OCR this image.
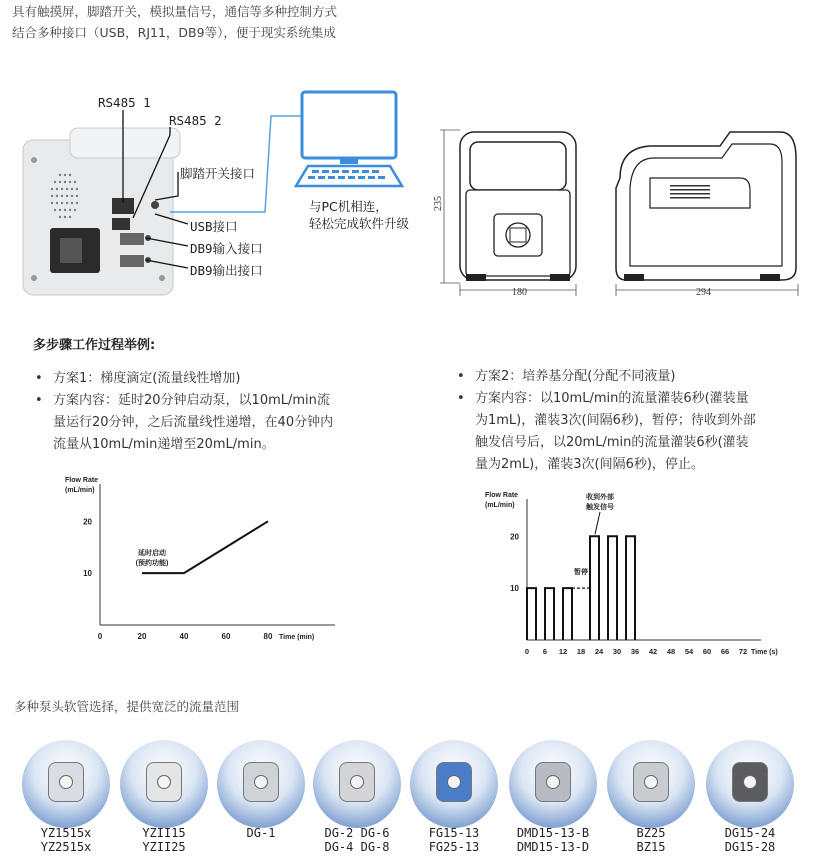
具有触摸屏，脚踏开关，模拟量信号，通信等多种控制方式
结合多种接口（USB，RJ11，DB9等），便于现实系统集成
RS485 1
RS485 2
脚踏开关接口
USB接口
DB9输入接口
DB9输出接口
与PC机相连，
轻松完成软件升级
235
180	294
多步骤工作过程举例:
• 方案1：梯度滴定(流量线性增加)
• 方案内容：延时20分钟启动泵，以10mL/min流
量运行20分钟，之后流量线性递增，在40分钟内
流量从10mL/min递增至20mL/min。
• 方案2：培养基分配(分配不同液量)
• 方案内容：以10mL/min的流量灌装6秒(灌装量
为1mL)，灌装3次(间隔6秒)，暂停；待收到外部
触发信号后，以20mL/min的流量灌装6秒(灌装
量为2mL)，灌装3次(间隔6秒)，停止。
Flow Rate
(mL/min)
10
20
0	20	40	60	80 Time (min)
延时启动
(预约功能)
Flow Rate
(mL/min)
10
20
0 6 12 18 24 30 36 42 48 54 60 66 72 Time (s)
暂停
收到外部
触发信号
多种泵头软管选择，提供宽泛的流量范围
YZ1515x
YZ2515x
YZII15
YZII25
DG-1	DG-2 DG-6
DG-4 DG-8
FG15-13
FG25-13
DMD15-13-B
DMD15-13-D
BZ25
BZ15
DG15-24
DG15-28
